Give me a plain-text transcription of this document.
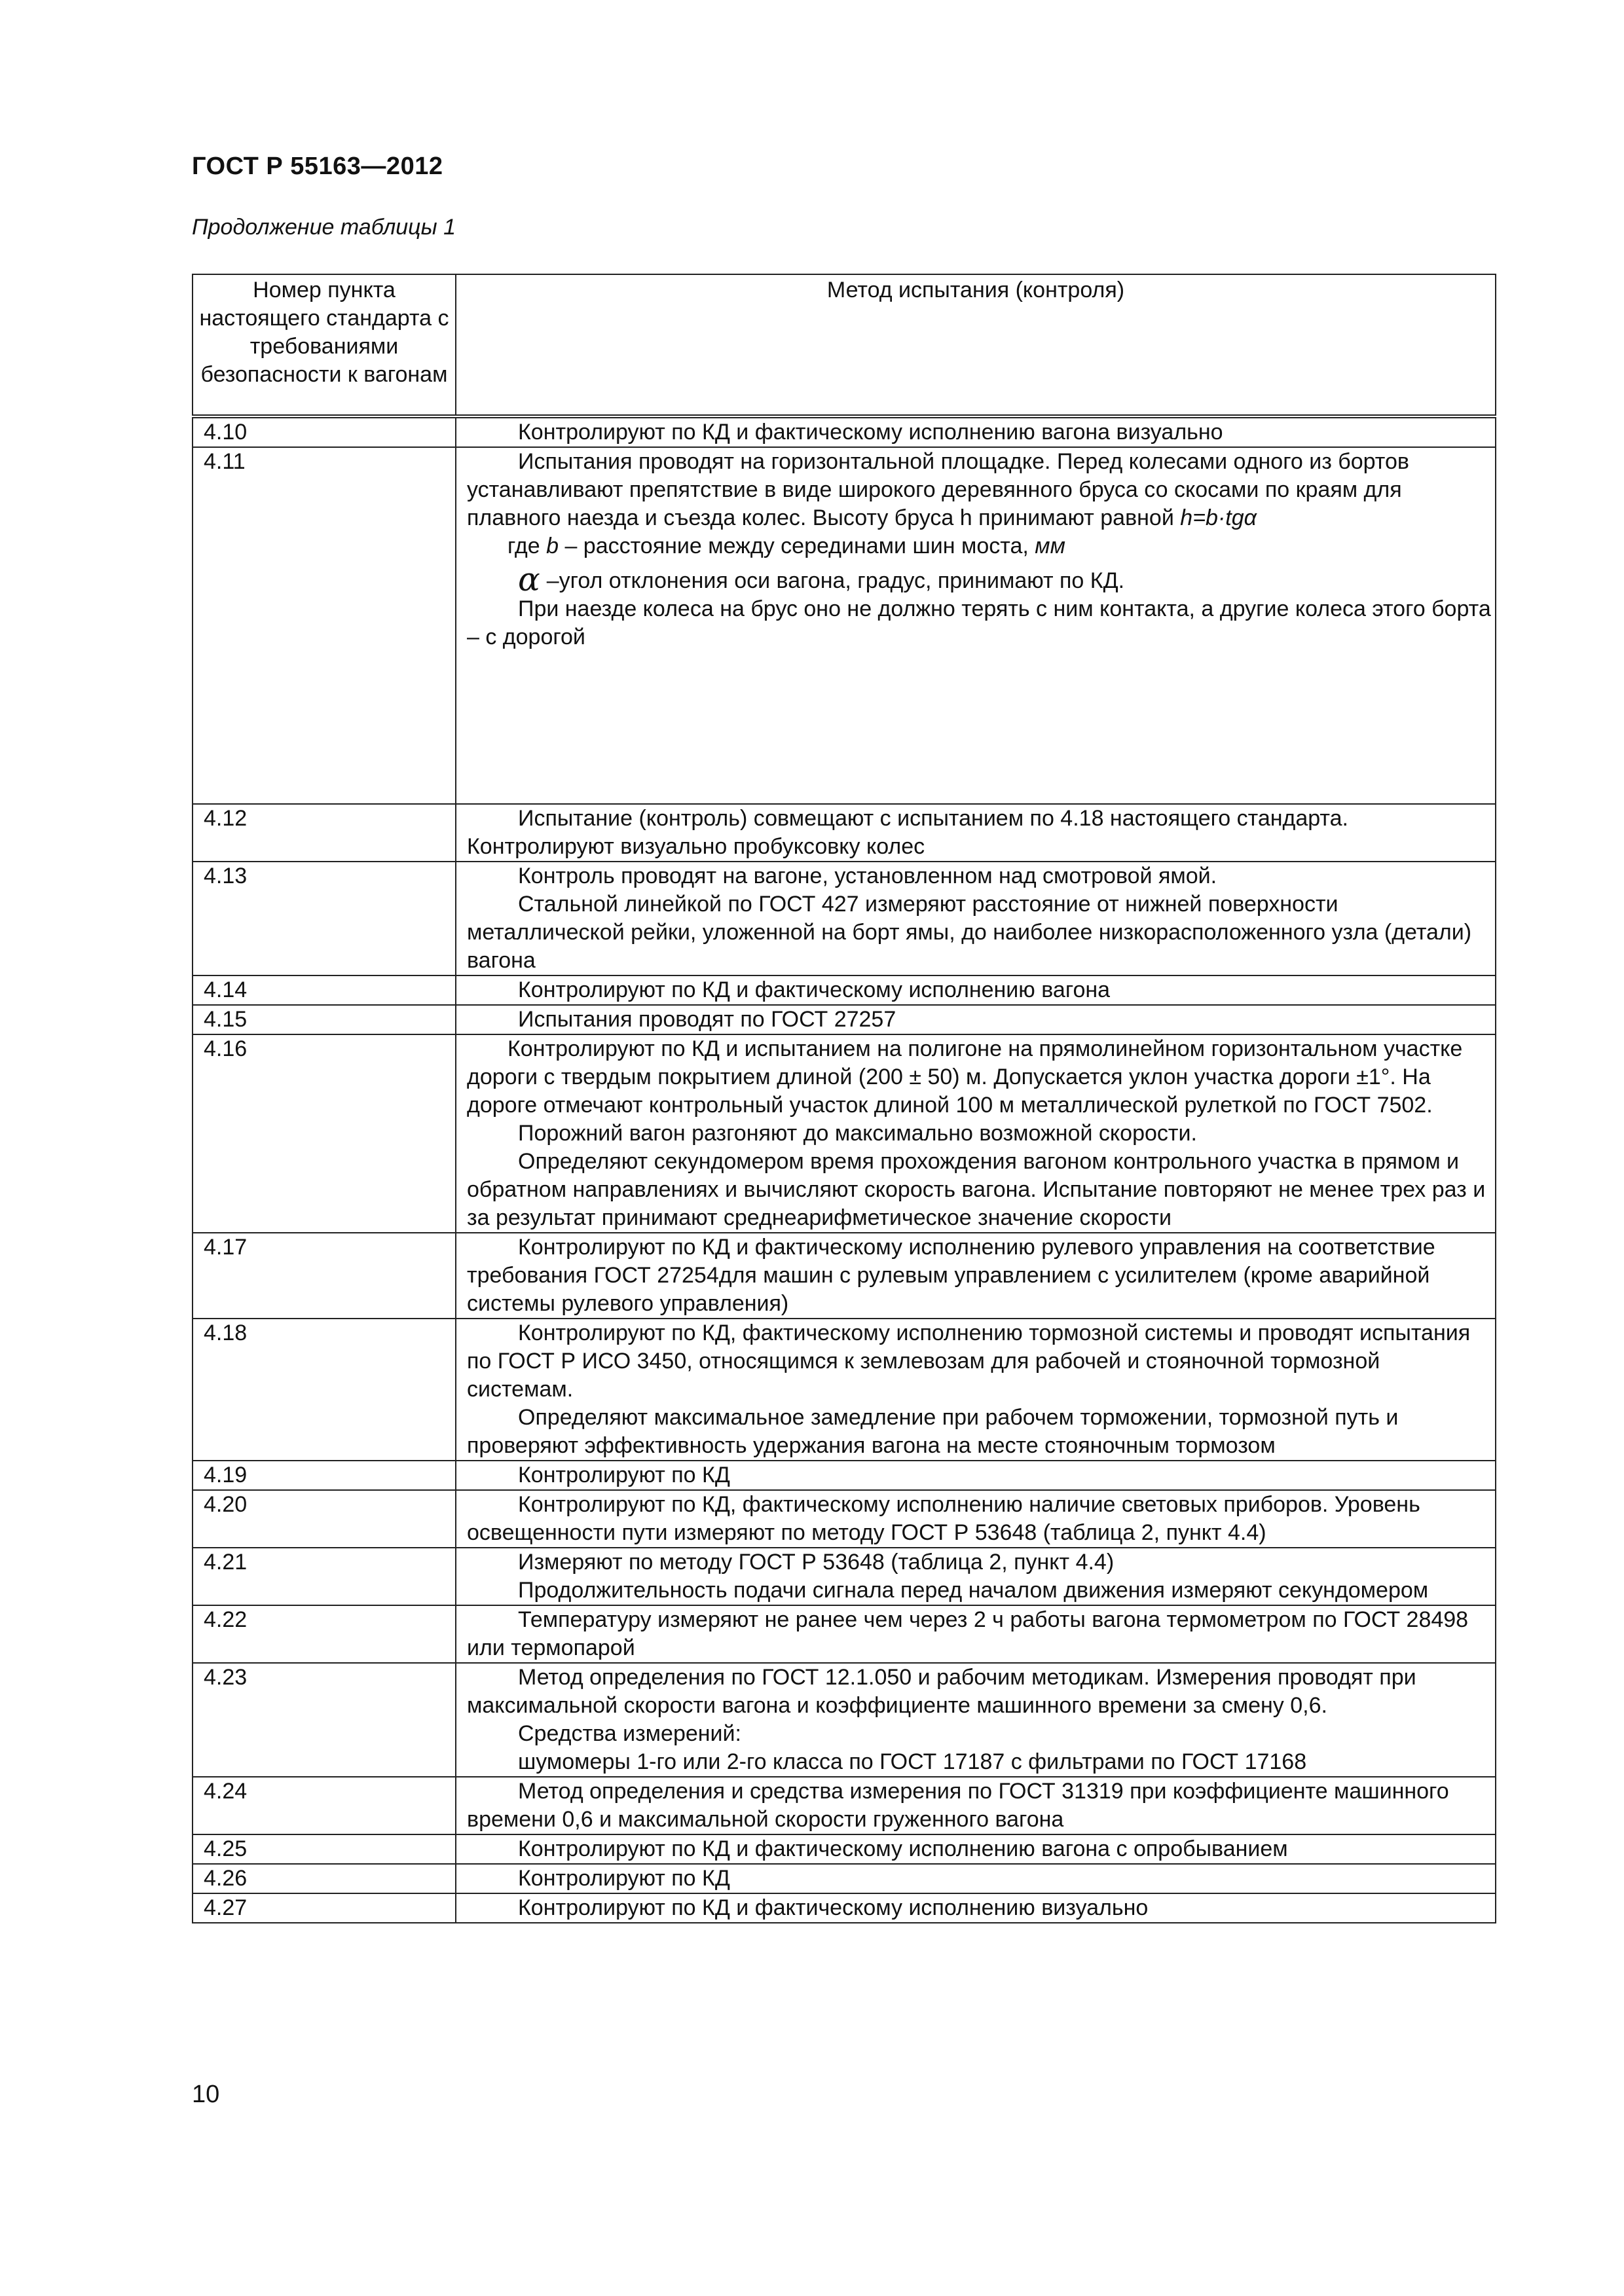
ГОСТ Р 55163—2012
Продолжение таблицы 1
Номер пункта настоящего стандарта с требованиями безопасности к вагонам	Метод испытания (контроля)
4.10	Контролируют по КД и фактическому исполнению вагона визуально

4.11	Испытания проводят на горизонтальной площадке. Перед колесами одного из бортов устанавливают препятствие в виде широкого деревянного бруса со скосами по краям для плавного наезда и съезда колес. Высоту бруса h принимают равной h=b·tgα

где b – расстояние между серединами шин моста, мм

α –угол отклонения оси вагона, градус, принимают по КД.

При наезде колеса на брус оно не должно терять с ним контакта, а другие колеса этого борта – с дорогой

4.12	Испытание (контроль) совмещают с испытанием по 4.18 настоящего стандарта.

Контролируют визуально пробуксовку колес

4.13	Контроль проводят на вагоне, установленном над смотровой ямой.

Стальной линейкой по ГОСТ 427 измеряют расстояние от нижней поверхности металлической рейки, уложенной на борт ямы, до наиболее низкорасположенного узла (детали) вагона

4.14	Контролируют по КД и фактическому исполнению вагона

4.15	Испытания проводят по ГОСТ 27257

4.16	Контролируют по КД и испытанием на полигоне на прямолинейном горизонтальном участке дороги с твердым покрытием длиной (200 ± 50) м. Допускается уклон участка дороги ±1°. На дороге отмечают контрольный участок длиной 100 м металлической рулеткой по ГОСТ 7502.

Порожний вагон разгоняют до максимально возможной скорости.

Определяют секундомером время прохождения вагоном контрольного участка в прямом и обратном направлениях и вычисляют скорость вагона. Испытание повторяют не менее трех раз и за результат принимают среднеарифметическое значение скорости

4.17	Контролируют по КД и фактическому исполнению рулевого управления на соответствие требования ГОСТ 27254для машин с рулевым управлением с усилителем (кроме аварийной системы рулевого управления)

4.18	Контролируют по КД, фактическому исполнению тормозной системы и проводят испытания по ГОСТ Р ИСО 3450, относящимся к землевозам для рабочей и стояночной тормозной системам.

Определяют максимальное замедление при рабочем торможении, тормозной путь и проверяют эффективность удержания вагона на месте стояночным тормозом

4.19	Контролируют по КД

4.20	Контролируют по КД, фактическому исполнению наличие световых приборов. Уровень освещенности пути измеряют по методу ГОСТ Р 53648 (таблица 2, пункт 4.4)

4.21	Измеряют по методу ГОСТ Р 53648 (таблица 2, пункт 4.4)

Продолжительность подачи сигнала перед началом движения измеряют секундомером

4.22	Температуру измеряют не ранее чем через 2 ч работы вагона термометром по ГОСТ 28498 или термопарой

4.23	Метод определения по ГОСТ 12.1.050 и рабочим методикам. Измерения проводят при максимальной скорости вагона и коэффициенте машинного времени за смену 0,6.

Средства измерений:

шумомеры 1-го или 2-го класса по ГОСТ 17187 с фильтрами по ГОСТ 17168

4.24	Метод определения и средства измерения по ГОСТ 31319 при коэффициенте машинного времени 0,6 и максимальной скорости груженного вагона

4.25	Контролируют по КД и фактическому исполнению вагона с опробыванием

4.26	Контролируют по КД

4.27	Контролируют по КД и фактическому исполнению визуально

10
